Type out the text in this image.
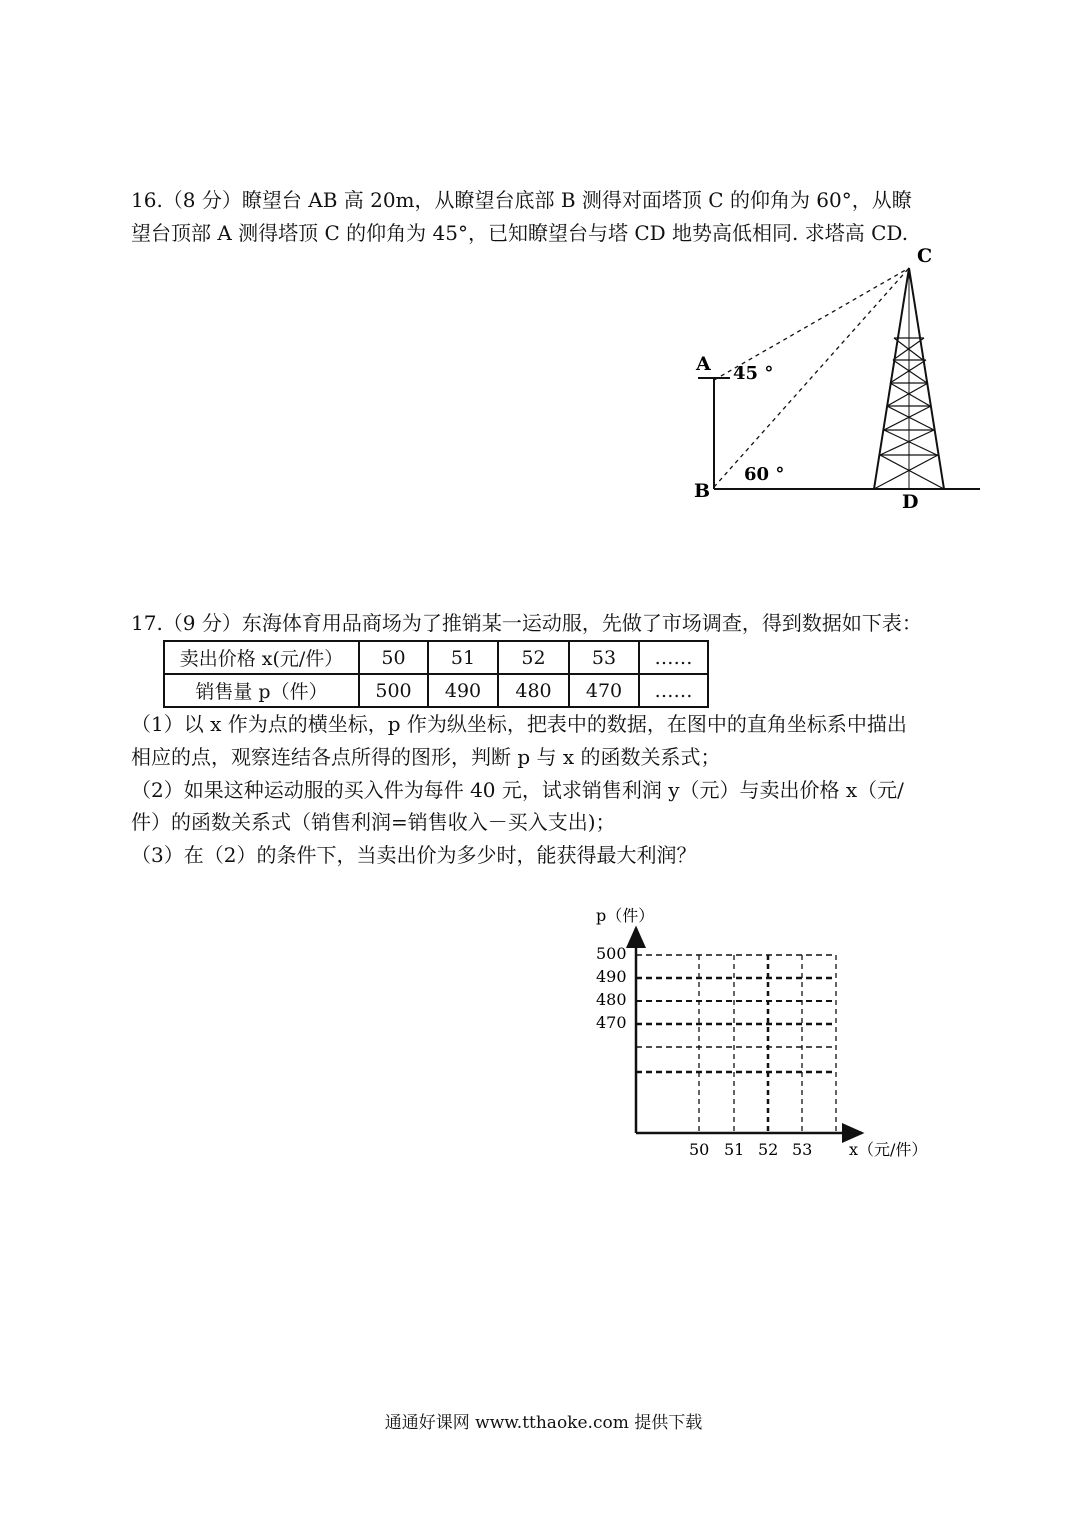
16.（8 分）瞭望台 AB 高 20m，从瞭望台底部 B 测得对面塔顶 C 的仰角为 60°，从瞭
望台顶部 A 测得塔顶 C 的仰角为 45°，已知瞭望台与塔 CD 地势高低相同. 求塔高 CD.
C
A
B	D
45 °
60 °
17.（9 分）东海体育用品商场为了推销某一运动服，先做了市场调查，得到数据如下表：
卖出价格 x(元/件）	50	51	52	53	……
销售量 p（件）	500	490	480	470	……
（1）以 x 作为点的横坐标，p 作为纵坐标，把表中的数据，在图中的直角坐标系中描出
相应的点，观察连结各点所得的图形，判断 p 与 x 的函数关系式；
（2）如果这种运动服的买入件为每件 40 元，试求销售利润 y（元）与卖出价格 x（元/
件）的函数关系式（销售利润=销售收入－买入支出)；
（3）在（2）的条件下，当卖出价为多少时，能获得最大利润？
p（件）
x（元/件）
500
490
480
470
50 51 52 53
通通好课网 www.tthaoke.com 提供下载
